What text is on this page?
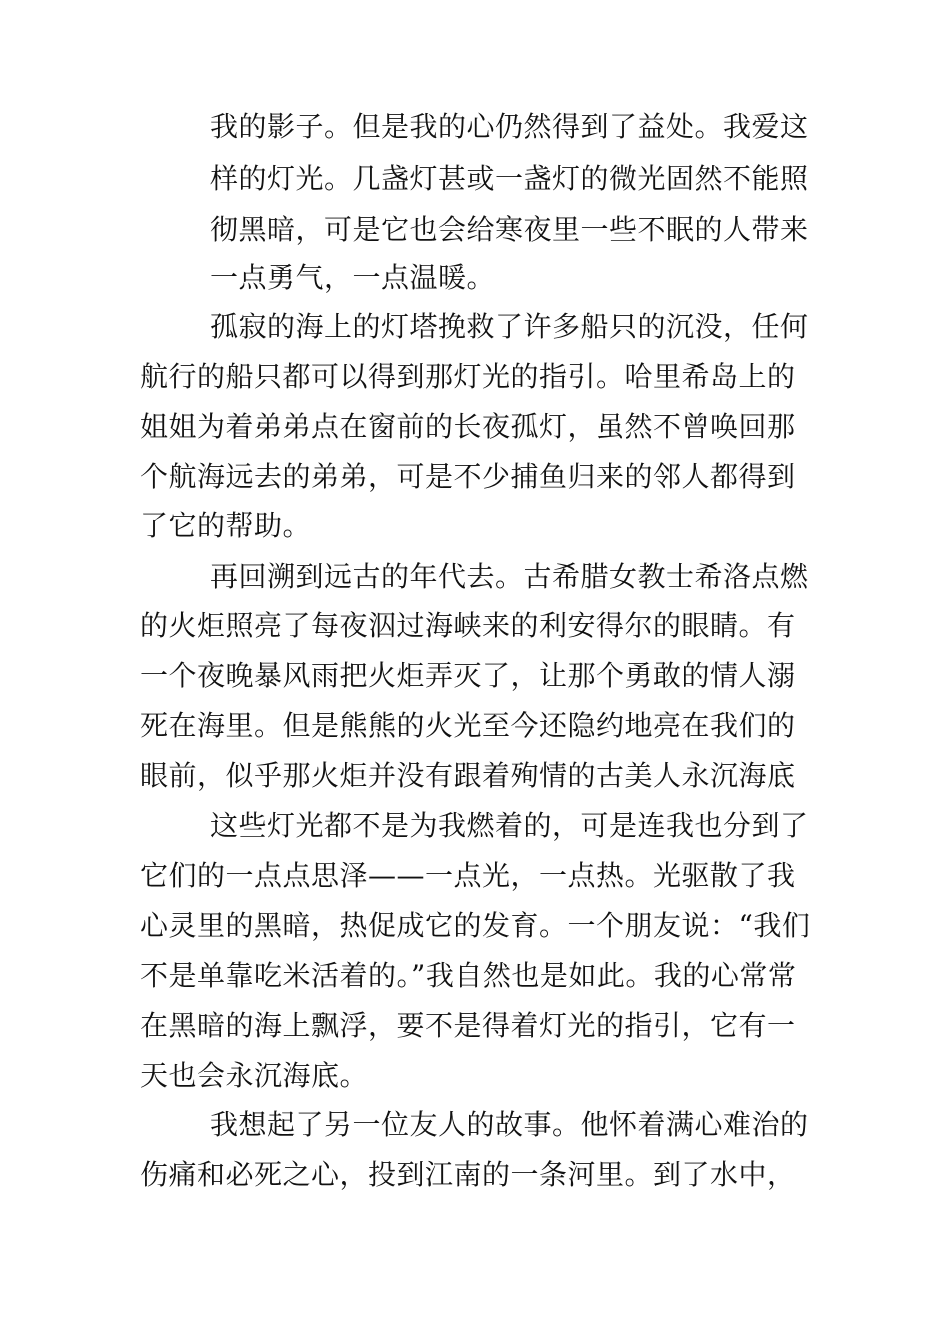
我的影子。但是我的心仍然得到了益处。我爱这
样的灯光。几盏灯甚或一盏灯的微光固然不能照
彻黑暗，可是它也会给寒夜里一些不眠的人带来
一点勇气，一点温暖。
孤寂的海上的灯塔挽救了许多船只的沉没，任何
航行的船只都可以得到那灯光的指引。哈里希岛上的
姐姐为着弟弟点在窗前的长夜孤灯，虽然不曾唤回那
个航海远去的弟弟，可是不少捕鱼归来的邻人都得到
了它的帮助。
再回溯到远古的年代去。古希腊女教士希洛点燃
的火炬照亮了每夜泅过海峡来的利安得尔的眼睛。有
一个夜晚暴风雨把火炬弄灭了，让那个勇敢的情人溺
死在海里。但是熊熊的火光至今还隐约地亮在我们的
眼前，似乎那火炬并没有跟着殉情的古美人永沉海底
这些灯光都不是为我燃着的，可是连我也分到了
它们的一点点思泽——一点光，一点热。光驱散了我
心灵里的黑暗，热促成它的发育。一个朋友说：“我们
不是单靠吃米活着的。”我自然也是如此。我的心常常
在黑暗的海上飘浮，要不是得着灯光的指引，它有一
天也会永沉海底。
我想起了另一位友人的故事。他怀着满心难治的
伤痛和必死之心，投到江南的一条河里。到了水中，
